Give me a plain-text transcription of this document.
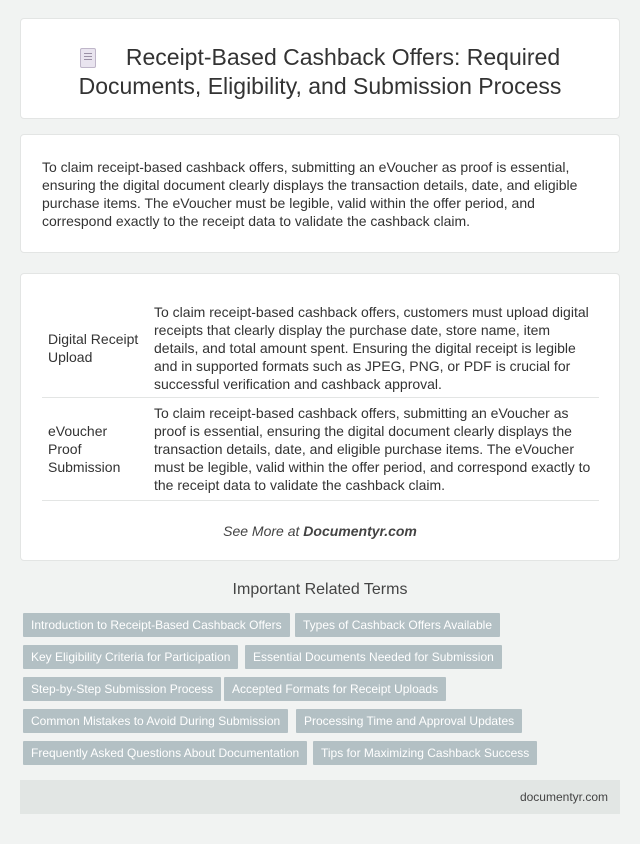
Receipt-Based Cashback Offers: Required
Documents, Eligibility, and Submission Process

To claim receipt-based cashback offers, submitting an eVoucher as proof is essential, ensuring the digital document clearly displays the transaction details, date, and eligible purchase items. The eVoucher must be legible, valid within the offer period, and correspond exactly to the receipt data to validate the cashback claim.

Digital Receipt Upload	To claim receipt-based cashback offers, customers must upload digital receipts that clearly display the purchase date, store name, item details, and total amount spent. Ensuring the digital receipt is legible and in supported formats such as JPEG, PNG, or PDF is crucial for successful verification and cashback approval.
eVoucher Proof Submission	To claim receipt-based cashback offers, submitting an eVoucher as proof is essential, ensuring the digital document clearly displays the transaction details, date, and eligible purchase items. The eVoucher must be legible, valid within the offer period, and correspond exactly to the receipt data to validate the cashback claim.
See More at Documentyr.com
Important Related Terms
Introduction to Receipt-Based Cashback Offers	Types of Cashback Offers Available
Key Eligibility Criteria for Participation	Essential Documents Needed for Submission
Step-by-Step Submission Process	Accepted Formats for Receipt Uploads
Common Mistakes to Avoid During Submission	Processing Time and Approval Updates
Frequently Asked Questions About Documentation	Tips for Maximizing Cashback Success
documentyr.com
